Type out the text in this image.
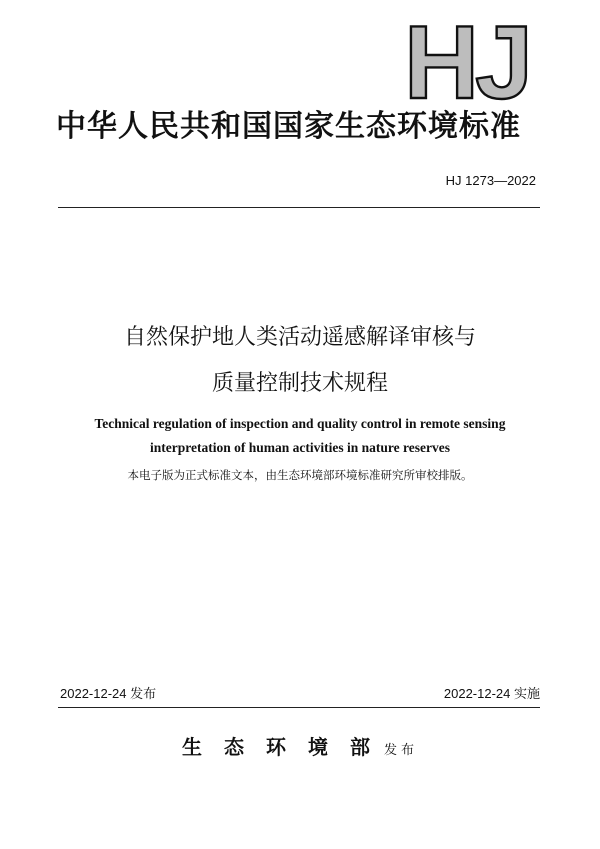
HJ
中华人民共和国国家生态环境标准
HJ 1273—2022
自然保护地人类活动遥感解译审核与
质量控制技术规程
Technical regulation of inspection and quality control in remote sensing
interpretation of human activities in nature reserves
本电子版为正式标准文本，由生态环境部环境标准研究所审校排版。
2022-12-24 发布	2022-12-24 实施
生态环境部发布
